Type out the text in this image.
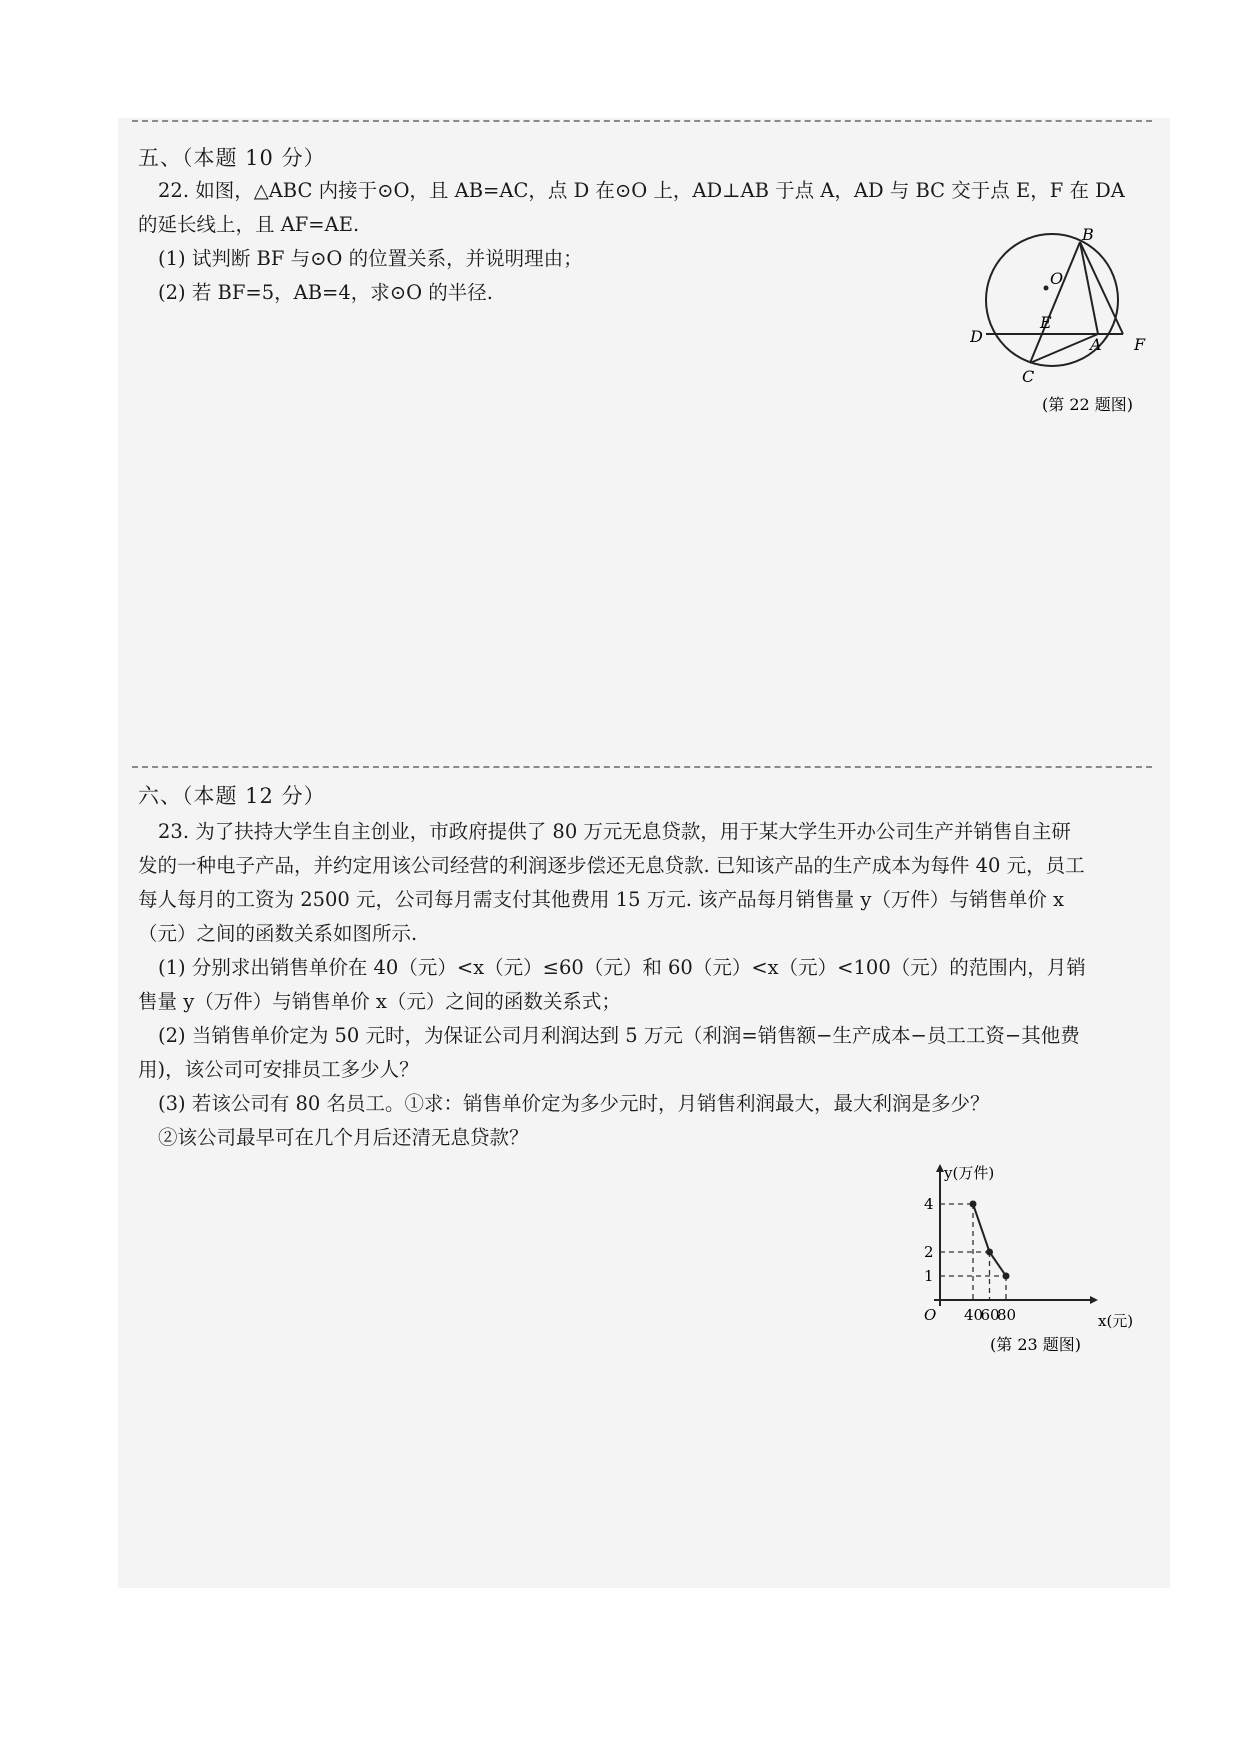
五、（本题 10 分）
22. 如图，△ABC 内接于⊙O，且 AB=AC，点 D 在⊙O 上，AD⊥AB 于点 A，AD 与 BC 交于点 E，F 在 DA
的延长线上，且 AF=AE.
(1) 试判断 BF 与⊙O 的位置关系，并说明理由；
(2) 若 BF=5，AB=4，求⊙O 的半径.
B
O
E
D	A F
C
(第 22 题图)
六、（本题 12 分）
23. 为了扶持大学生自主创业，市政府提供了 80 万元无息贷款，用于某大学生开办公司生产并销售自主研
发的一种电子产品，并约定用该公司经营的利润逐步偿还无息贷款. 已知该产品的生产成本为每件 40 元，员工
每人每月的工资为 2500 元，公司每月需支付其他费用 15 万元. 该产品每月销售量 y（万件）与销售单价 x
（元）之间的函数关系如图所示.
(1) 分别求出销售单价在 40（元）<x（元）≤60（元）和 60（元）<x（元）<100（元）的范围内，月销
售量 y（万件）与销售单价 x（元）之间的函数关系式；
(2) 当销售单价定为 50 元时，为保证公司月利润达到 5 万元（利润=销售额−生产成本−员工工资−其他费
用)，该公司可安排员工多少人？
(3) 若该公司有 80 名员工。①求：销售单价定为多少元时，月销售利润最大，最大利润是多少？
②该公司最早可在几个月后还清无息贷款？
y(万件)
x(元)
O
1
2
4
40
60
80
(第 23 题图)
